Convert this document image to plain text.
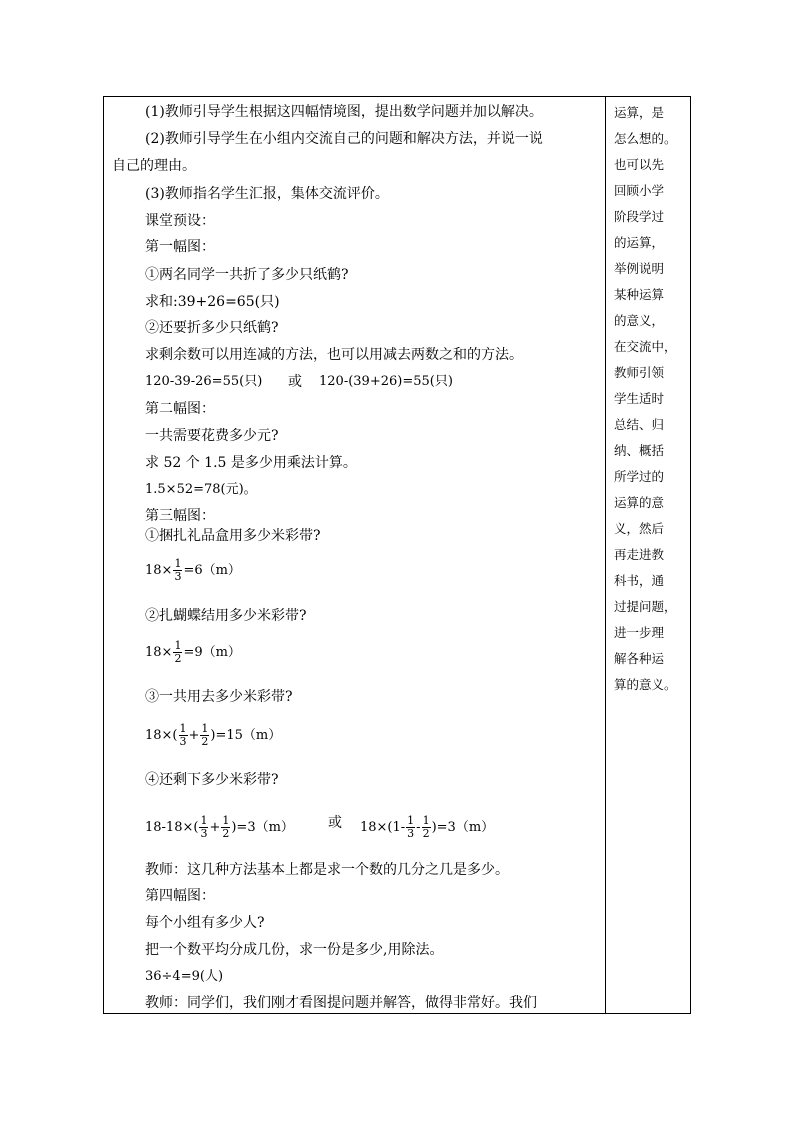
(1)教师引导学生根据这四幅情境图，提出数学问题并加以解决。
(2)教师引导学生在小组内交流自己的问题和解决方法，并说一说
自己的理由。
(3)教师指名学生汇报，集体交流评价。
课堂预设：
第一幅图：
①两名同学一共折了多少只纸鹤?
求和:39+26=65(只)
②还要折多少只纸鹤?
求剩余数可以用连减的方法，也可以用减去两数之和的方法。
120-39-26=55(只) 或 120-(39+26)=55(只)
第二幅图：
一共需要花费多少元?
求 52 个 1.5 是多少用乘法计算。
1.5×52=78(元)。
第三幅图：
①捆扎礼品盒用多少米彩带?
$18\times \frac{1}{3} =6(m)$
②扎蝴蝶结用多少米彩带?
$18\times \frac{1}{2} =9(m)$
③一共用去多少米彩带?
$18\times( \frac{1}{3} + \frac{1}{2} )=15(m)$
④还剩下多少米彩带?
$18-18\times( \frac{1}{3} + \frac{1}{2} )=3(m)$ 或 $18\times(1- \frac{1}{3} - \frac{1}{2} )=3(m)$
教师：这几种方法基本上都是求一个数的几分之几是多少。
第四幅图：
每个小组有多少人?
把一个数平均分成几份，求一份是多少,用除法。
36÷4=9(人)
教师：同学们，我们刚才看图提问题并解答，做得非常好。我们
运算，是
怎么想的。
也可以先
回顾小学
阶段学过
的运算，
举例说明
某种运算
的意义，
在交流中，
教师引领
学生适时
总结、归
纳、概括
所学过的
运算的意
义，然后
再走进教
科书，通
过提问题，
进一步理
解各种运
算的意义。
